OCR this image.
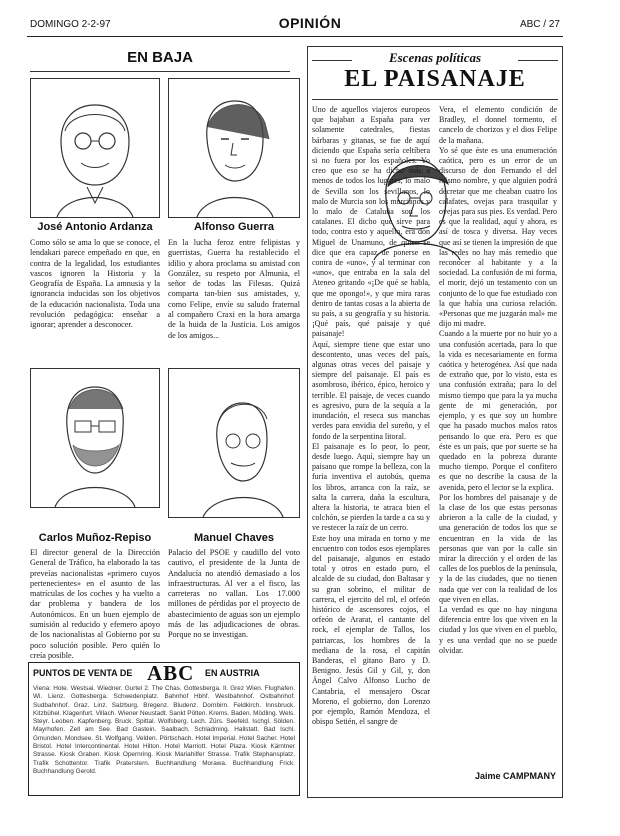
DOMINGO 2-2-97	OPINIÓN	ABC / 27
EN BAJA
José Antonio Ardanza

Como sólo se ama lo que se conoce, el lendakari parece empeñado en que, en contra de la legalidad, los estudiantes vascos ignoren la Historia y la Geografía de España. La amnusia y la ignorancia inducidas son los objetivos de la educación nacionalista. Toda una revolución pedagógica: enseñar a ignorar; aprender a desconocer.

Alfonso Guerra

En la lucha feroz entre felipistas y guerristas, Guerra ha restablecido el idilio y ahora proclama su amistad con González, su respeto por Almunia, el señor de todas las Filesas. Quizá comparta tan-bien sus amistades, y, como Felipe, envíe su saludo fraternal al compañero Craxi en la hora amarga de la huida de la Justicia. Los amigos de los amigos...

Carlos Muñoz-Repiso

El director general de la Dirección General de Tráfico, ha elaborado la tas preveías nacionalistas «primero cuyos pertenecientes» en el asunto de las matrículas de los coches y ha vuelto a dar problema y bandera de los Autonómicos. En un buen ejemplo de sumisión al reducido y efemero apoyo de los nacionalistas al Gobierno por su poco solución posible. Pero quién lo creía posible.

Manuel Chaves

Palacio del PSOE y caudillo del voto cautivo, el presidente de la Junta de Andalucía no atendió demasiado a los infraestructuras. Al ver a el fisco, las carreteras no vallan. Los 17.000 millones de pérdidas por el proyecto de abastecimiento de aguas son un ejemplo más de las adjudicaciones de obras. Porque no se investigan.

PUNTOS DE VENTA DE ABC EN AUSTRIA
Viena: Hote. Westsai. Wiedner. Gurtel 2. The Chas. Gottesberga. Il. Grez Wien. Flughafen. Wi. Lienz. Gottesberga. Schwedenplatz. Bahnhof Hbhf. Westbahnhof. Ostbahnhof. Sudbahnhof. Graz. Linz. Salzburg. Bregenz. Bludenz. Dornbirn. Feldkirch. Innsbruck. Kitzbühel. Klagenfurt. Villach. Wiener Neustadt. Sankt Pölten. Krems. Baden. Mödling. Wels. Steyr. Leoben. Kapfenberg. Bruck. Spittal. Wolfsberg. Lech. Zürs. Seefeld. Ischgl. Sölden. Mayrhofen. Zell am See. Bad Gastein. Saalbach. Schladming. Hallstatt. Bad Ischl. Gmunden. Mondsee. St. Wolfgang. Velden. Pörtschach. Hotel Imperial. Hotel Sacher. Hotel Bristol. Hotel Intercontinental. Hotel Hilton. Hotel Marriott. Hotel Plaza. Kiosk Kärntner Strasse. Kiosk Graben. Kiosk Opernring. Kiosk Mariahilfer Strasse. Trafik Stephansplatz. Trafik Schottentor. Trafik Praterstern. Buchhandlung Morawa. Buchhandlung Frick. Buchhandlung Gerold.
Escenas políticas
EL PAISANAJE

Uno de aquellos viajeros europeos que bajaban a España para ver solamente catedrales, fiestas bárbaras y gitanas, se fue de aquí diciendo que España sería celtíbera si no fuera por los españoles. Yo creo que eso se ha dicho más a menos de todos los lugares, lo malo de Sevilla son los sevillanos, lo malo de Murcia son los murcianos y lo malo de Cataluña son los catalanes. El dicho que sirve para todo, contra esto y aquello, era don Miguel de Unamuno, de quien se dice que era capaz de ponerse en contra de «uno», y al terminar con «uno», que entraba en la sala del Ateneo gritando «¡De qué se habla, que me opongo!», y que mira raras dentro de tantas cosas a la abierta de su país, a su geografía y su historia. ¡Qué país, qué paisaje y qué paisanaje!
Aquí, siempre tiene que estar uno descontento, unas veces del país, algunas otras veces del paisaje y siempre del paisanaje. El país es asombroso, ibérico, épico, heroico y terrible. El paisaje, de veces cuando es agresivo, pura de la sequía a la inundación, el reseca sus manchas verdes para envidia del sureño, y el fondo de la serpentina litoral.
El paisanaje es lo peor, lo peor, desde luego. Aquí, siempre hay un paisano que rompe la belleza, con la furia inventiva el autobús, quema los libros, arranca con la raíz, se salta la carrera, daña la escultura, altera la historia, te atraca bien el colchón, se pierden la tarde a ca su y ve restecer la raíz de un cerro.
Este hoy una mirada en torno y me encuentro con todos esos ejemplares del paisanaje, algunos en estado total y otros en estado puro, el alcalde de su ciudad, don Baltasar y su gran sobrino, el militar de carrera, el ejercito del rol, el orfeón histórico de ascensores cojos, el orfeón de Ararat, el cantante del rock, el ejemplar de Tallos, los patriarcas, los hombres de la mediana de la rosa, el capitán Banderas, el gitano Baro y D. Benigno. Jesús Gil y Gil, y, don Ángel Calvo Alfonso Lucho de Cantabria, el mensajero Oscar Moreno, el gobierno, don Lorenzo por ejemplo, Ramón Mendoza, el obispo Setién, el sangre de

Vera, el elemento condición de Bradley, el donnel tormento, el cancelo de chorizos y el dios Felipe de la mañana.
Yo sé que éste es una enumeración caótica, pero es un error de un discurso de don Fernando el del mismo nombre, y que alguien podrá decretar que me cheaban cuatro los calafates, ovejas para trasquilar y ovejas para sus pies. Es verdad. Pero es que la realidad, aquí y ahora, es así de tosca y diversa. Hay veces que así se tienen la impresión de que las redes no hay más remedio que reconocer al habitante y a la sociedad. La confusión de mi forma, el morir, dejó un testamento con un conjunto de lo que fue estudiado con la que había una curiosa relación. «Personas que me juzgarán mal» me dijo mi madre.
Cuando a la muerte por no huir yo a una confusión acertada, para lo que la vida es necesariamente en forma caótica y heterogénea. Así que nada de extraño que, por lo visto, esta es una confusión extraña; para lo del mismo tiempo que para la ya mucha gente de mi generación, por ejemplo, y es que soy un hombre que ha pasado muchos malos ratos pensando lo que era. Pero es que éste es un país, que por suerte se ha quedado en la pobreza durante mucho tiempo. Porque el confitero es que no describe la causa de la avenida, pero el lector se la explica.
Por los hombres del paisanaje y de la clase de los que estas personas abrieron a la calle de la ciudad, y una generación de todos los que se encuentran en la vida de las personas que van por la calle sin mirar la dirección y el orden de las calles de los pueblos de la península, y la de las ciudades, que no tienen nada que ver con la realidad de los que viven en ellas.
La verdad es que no hay ninguna diferencia entre los que viven en la ciudad y los que viven en el pueblo, y es una verdad que no se puede olvidar.

Jaime CAMPMANY
